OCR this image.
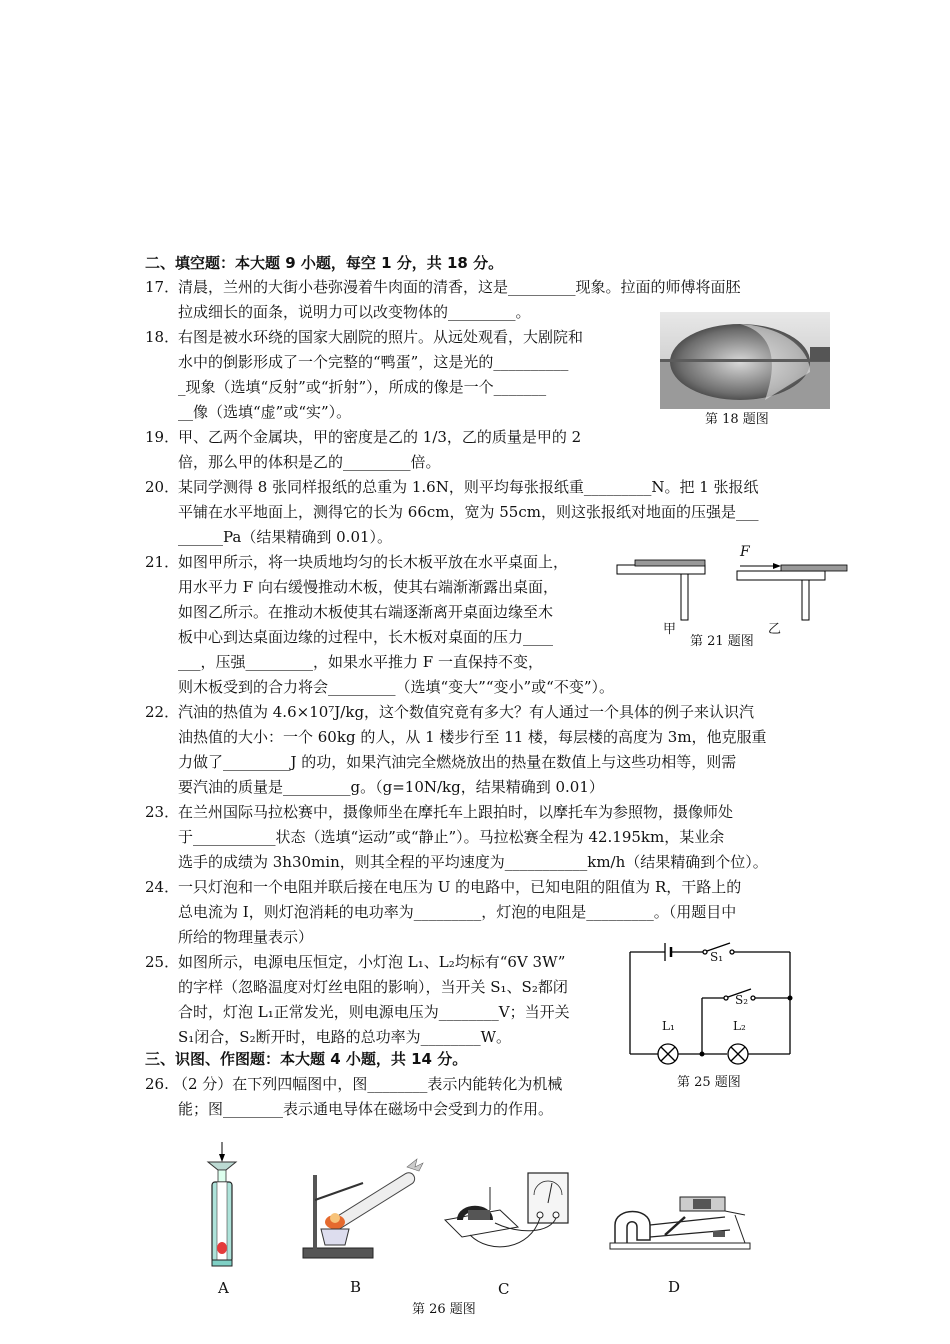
二、填空题：本大题 9 小题，每空 1 分，共 18 分。
17．
清晨，兰州的大街小巷弥漫着牛肉面的清香，这是_________现象。拉面的师傅将面胚
拉成细长的面条，说明力可以改变物体的_________。
18．
右图是被水环绕的国家大剧院的照片。从远处观看，大剧院和
水中的倒影形成了一个完整的“鸭蛋”，这是光的__________
_现象（选填“反射”或“折射”），所成的像是一个_______
__像（选填“虚”或“实”）。	第 18 题图
19．
甲、乙两个金属块，甲的密度是乙的 1/3，乙的质量是甲的 2
倍，那么甲的体积是乙的_________倍。
20．
某同学测得 8 张同样报纸的总重为 1.6N，则平均每张报纸重_________N。把 1 张报纸
平铺在水平地面上，测得它的长为 66cm，宽为 55cm，则这张报纸对地面的压强是___
______Pa（结果精确到 0.01）。
21．
如图甲所示，将一块质地均匀的长木板平放在水平桌面上，
用水平力 F 向右缓慢推动木板，使其右端渐渐露出桌面，
如图乙所示。在推动木板使其右端逐渐离开桌面边缘至木
板中心到达桌面边缘的过程中，长木板对桌面的压力____
___，压强_________，如果水平推力 F 一直保持不变，
则木板受到的合力将会_________（选填“变大”“变小”或“不变”）。
F
甲	乙
第 21 题图
22．
汽油的热值为 4.6×10⁷J/kg，这个数值究竟有多大？有人通过一个具体的例子来认识汽
油热值的大小：一个 60kg 的人，从 1 楼步行至 11 楼，每层楼的高度为 3m，他克服重
力做了_________J 的功，如果汽油完全燃烧放出的热量在数值上与这些功相等，则需
要汽油的质量是_________g。（g=10N/kg，结果精确到 0.01）
23．
在兰州国际马拉松赛中，摄像师坐在摩托车上跟拍时，以摩托车为参照物，摄像师处
于___________状态（选填“运动”或“静止”）。马拉松赛全程为 42.195km，某业余
选手的成绩为 3h30min，则其全程的平均速度为___________km/h（结果精确到个位）。
24．
一只灯泡和一个电阻并联后接在电压为 U 的电路中，已知电阻的阻值为 R，干路上的
总电流为 I，则灯泡消耗的电功率为_________，灯泡的电阻是_________。（用题目中
所给的物理量表示）
25．
如图所示，电源电压恒定，小灯泡 L₁、L₂均标有“6V 3W”
的字样（忽略温度对灯丝电阻的影响），当开关 S₁、S₂都闭
合时，灯泡 L₁正常发光，则电源电压为________V；当开关
S₁闭合，S₂断开时，电路的总功率为________W。
S₁
S₂
L₁	L₂
第 25 题图
三、识图、作图题：本大题 4 小题，共 14 分。
26. （2 分）在下列四幅图中，图________表示内能转化为机械
能；图________表示通电导体在磁场中会受到力的作用。
A	B	C	D
第 26 题图
